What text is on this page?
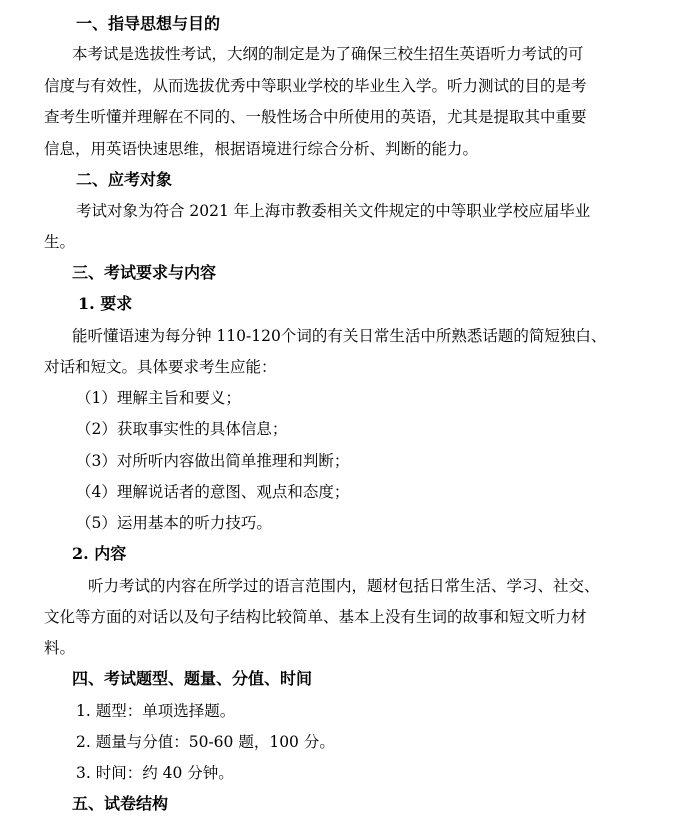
一、指导思想与目的
本考试是选拔性考试，大纲的制定是为了确保三校生招生英语听力考试的可
信度与有效性，从而选拔优秀中等职业学校的毕业生入学。听力测试的目的是考
查考生听懂并理解在不同的、一般性场合中所使用的英语，尤其是提取其中重要
信息，用英语快速思维，根据语境进行综合分析、判断的能力。
二、应考对象
考试对象为符合 2021 年上海市教委相关文件规定的中等职业学校应届毕业
生。
三、考试要求与内容
1. 要求
能听懂语速为每分钟 110-120个词的有关日常生活中所熟悉话题的简短独白、
对话和短文。具体要求考生应能：
（1）理解主旨和要义；
（2）获取事实性的具体信息；
（3）对所听内容做出简单推理和判断；
（4）理解说话者的意图、观点和态度；
（5）运用基本的听力技巧。
2. 内容
听力考试的内容在所学过的语言范围内，题材包括日常生活、学习、社交、
文化等方面的对话以及句子结构比较简单、基本上没有生词的故事和短文听力材
料。
四、考试题型、题量、分值、时间
1. 题型：单项选择题。
2. 题量与分值：50-60 题，100 分。
3. 时间：约 40 分钟。
五、试卷结构
